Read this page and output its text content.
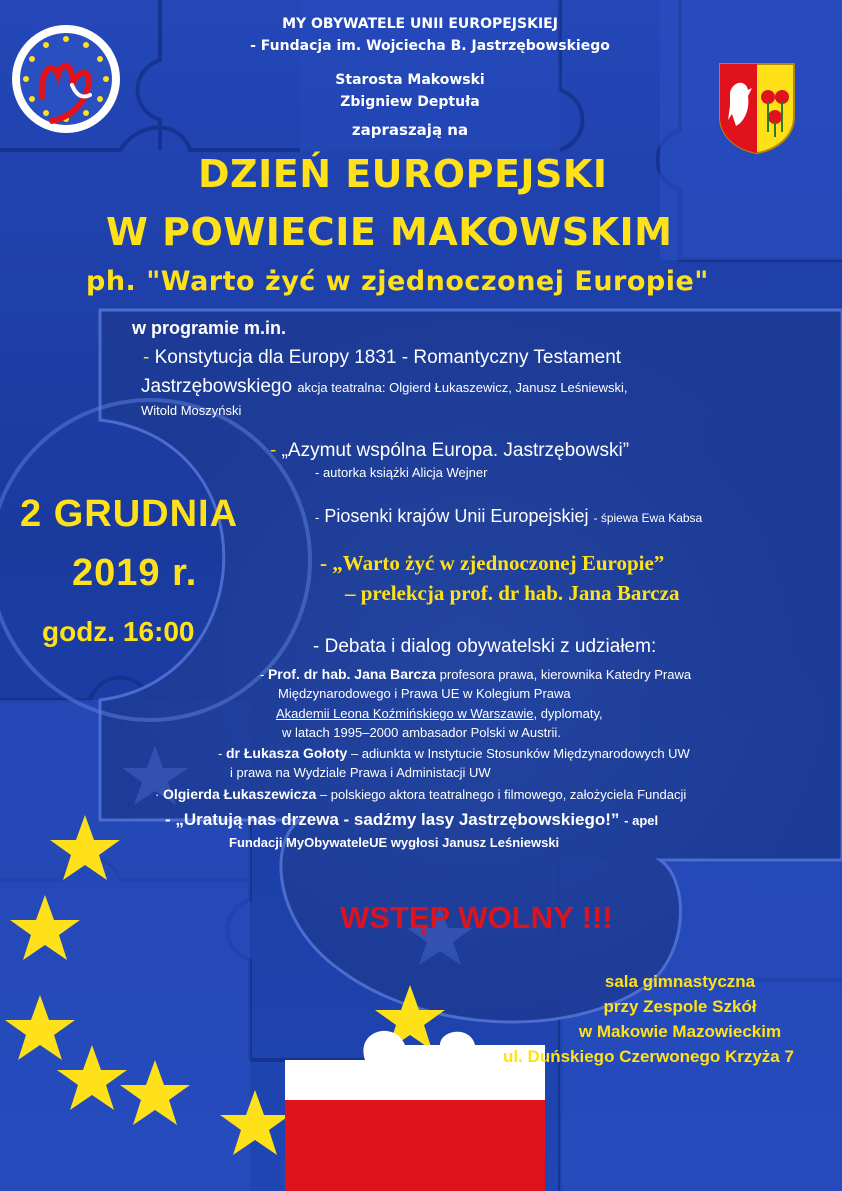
MY OBYWATELE UNII EUROPEJSKIEJ
- Fundacja im. Wojciecha B. Jastrzębowskiego
Starosta Makowski
Zbigniew Deptuła
zapraszają na
DZIEŃ EUROPEJSKI
W POWIECIE MAKOWSKIM
ph. "Warto żyć w zjednoczonej Europie"
w programie m.in.
- Konstytucja dla Europy 1831 - Romantyczny Testament
Jastrzębowskiego akcja teatralna: Olgierd Łukaszewicz, Janusz Leśniewski,
Witold Moszyński
- „Azymut wspólna Europa. Jastrzębowski”
- autorka książki Alicja Wejner
- Piosenki krajów Unii Europejskiej - śpiewa Ewa Kabsa
- „Warto żyć w zjednoczonej Europie”
– prelekcja prof. dr hab. Jana Barcza
- Debata i dialog obywatelski z udziałem:
- Prof. dr hab. Jana Barcza profesora prawa, kierownika Katedry Prawa
Międzynarodowego i Prawa UE w Kolegium Prawa
Akademii Leona Koźmińskiego w Warszawie, dyplomaty,
w latach 1995–2000 ambasador Polski w Austrii.
- dr Łukasza Gołoty – adiunkta w Instytucie Stosunków Międzynarodowych UW
i prawa na Wydziale Prawa i Administacji UW
· Olgierda Łukaszewicza – polskiego aktora teatralnego i filmowego, założyciela Fundacji
- „Uratują nas drzewa - sadźmy lasy Jastrzębowskiego!” - apel
Fundacji MyObywateleUE wygłosi Janusz Leśniewski
2 GRUDNIA
2019 r.
godz. 16:00
WSTĘP WOLNY !!!
sala gimnastyczna
przy Zespole Szkół
w Makowie Mazowieckim
ul. Duńskiego Czerwonego Krzyża 7
